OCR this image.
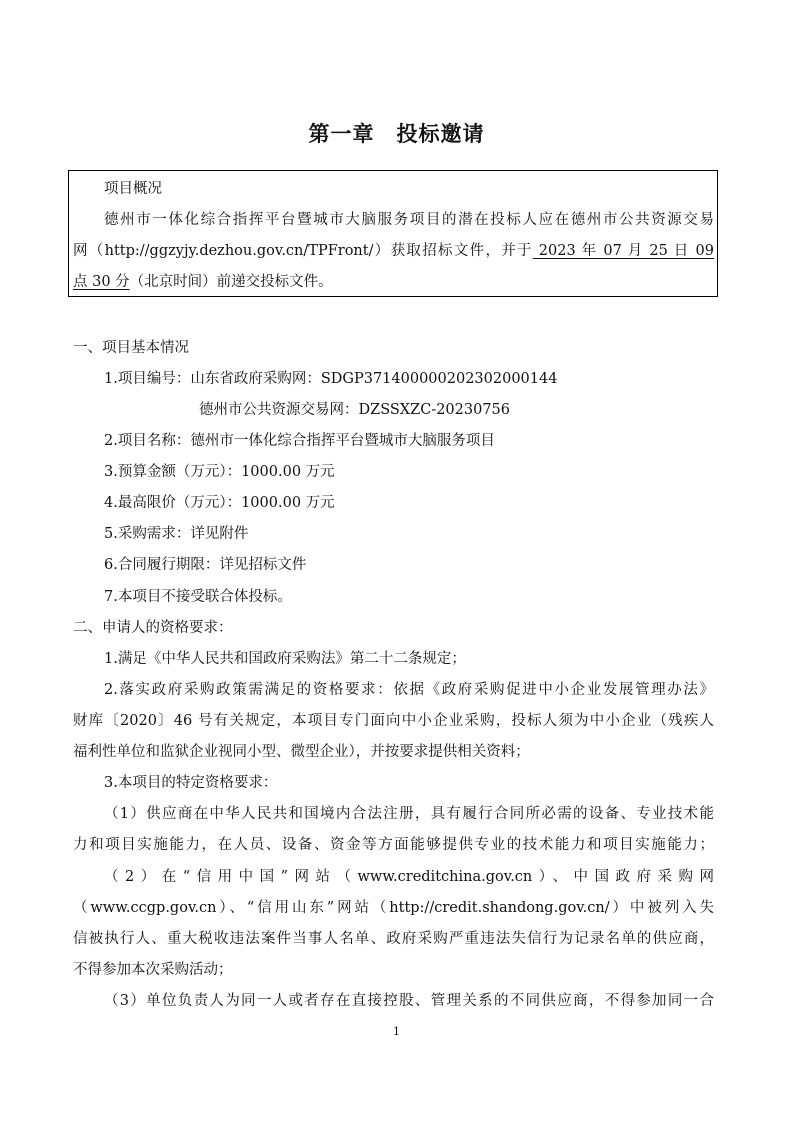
第一章　投标邀请
项目概况
德州市一体化综合指挥平台暨城市大脑服务项目的潜在投标人应在德州市公共资源交易
网（http://ggzyjy.dezhou.gov.cn/TPFront/）获取招标文件，并于 2023 年 07 月 25 日 09
点 30 分（北京时间）前递交投标文件。
一、项目基本情况
1.项目编号：山东省政府采购网：SDGP371400000202302000144
德州市公共资源交易网：DZSSXZC-20230756
2.项目名称：德州市一体化综合指挥平台暨城市大脑服务项目
3.预算金额（万元）：1000.00 万元
4.最高限价（万元）：1000.00 万元
5.采购需求：详见附件
6.合同履行期限：详见招标文件
7.本项目不接受联合体投标。
二、申请人的资格要求：
1.满足《中华人民共和国政府采购法》第二十二条规定；
2.落实政府采购政策需满足的资格要求：依据《政府采购促进中小企业发展管理办法》
财库〔2020〕46 号有关规定，本项目专门面向中小企业采购，投标人须为中小企业（残疾人
福利性单位和监狱企业视同小型、微型企业），并按要求提供相关资料；
3.本项目的特定资格要求：
（1）供应商在中华人民共和国境内合法注册，具有履行合同所必需的设备、专业技术能
力和项目实施能力，在人员、设备、资金等方面能够提供专业的技术能力和项目实施能力；
（2）在“信用中国”网站（www.creditchina.gov.cn）、中国政府采购网
（www.ccgp.gov.cn）、“信用山东”网站（http://credit.shandong.gov.cn/）中被列入失
信被执行人、重大税收违法案件当事人名单、政府采购严重违法失信行为记录名单的供应商，
不得参加本次采购活动；
（3）单位负责人为同一人或者存在直接控股、管理关系的不同供应商，不得参加同一合
1
